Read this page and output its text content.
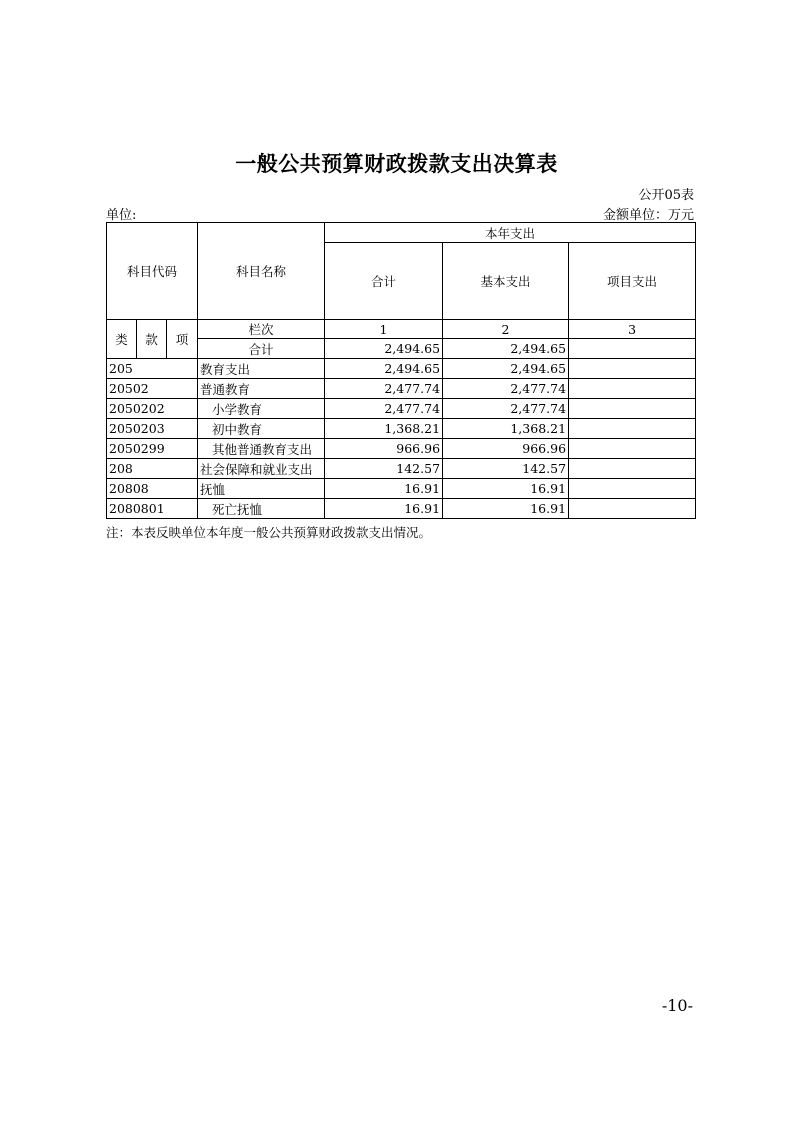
一般公共预算财政拨款支出决算表
公开05表
单位:	金额单位：万元
科目代码			科目名称	本年支出		
				合计	基本支出	项目支出
类	款	项	栏次	1	2	3
			合计	2,494.65	2,494.65	
205			教育支出	2,494.65	2,494.65	
20502			普通教育	2,477.74	2,477.74	
2050202			小学教育	2,477.74	2,477.74	
2050203			初中教育	1,368.21	1,368.21	
2050299			其他普通教育支出	966.96	966.96	
208			社会保障和就业支出	142.57	142.57	
20808			抚恤	16.91	16.91	
2080801			死亡抚恤	16.91	16.91	
注：本表反映单位本年度一般公共预算财政拨款支出情况。
-10-
